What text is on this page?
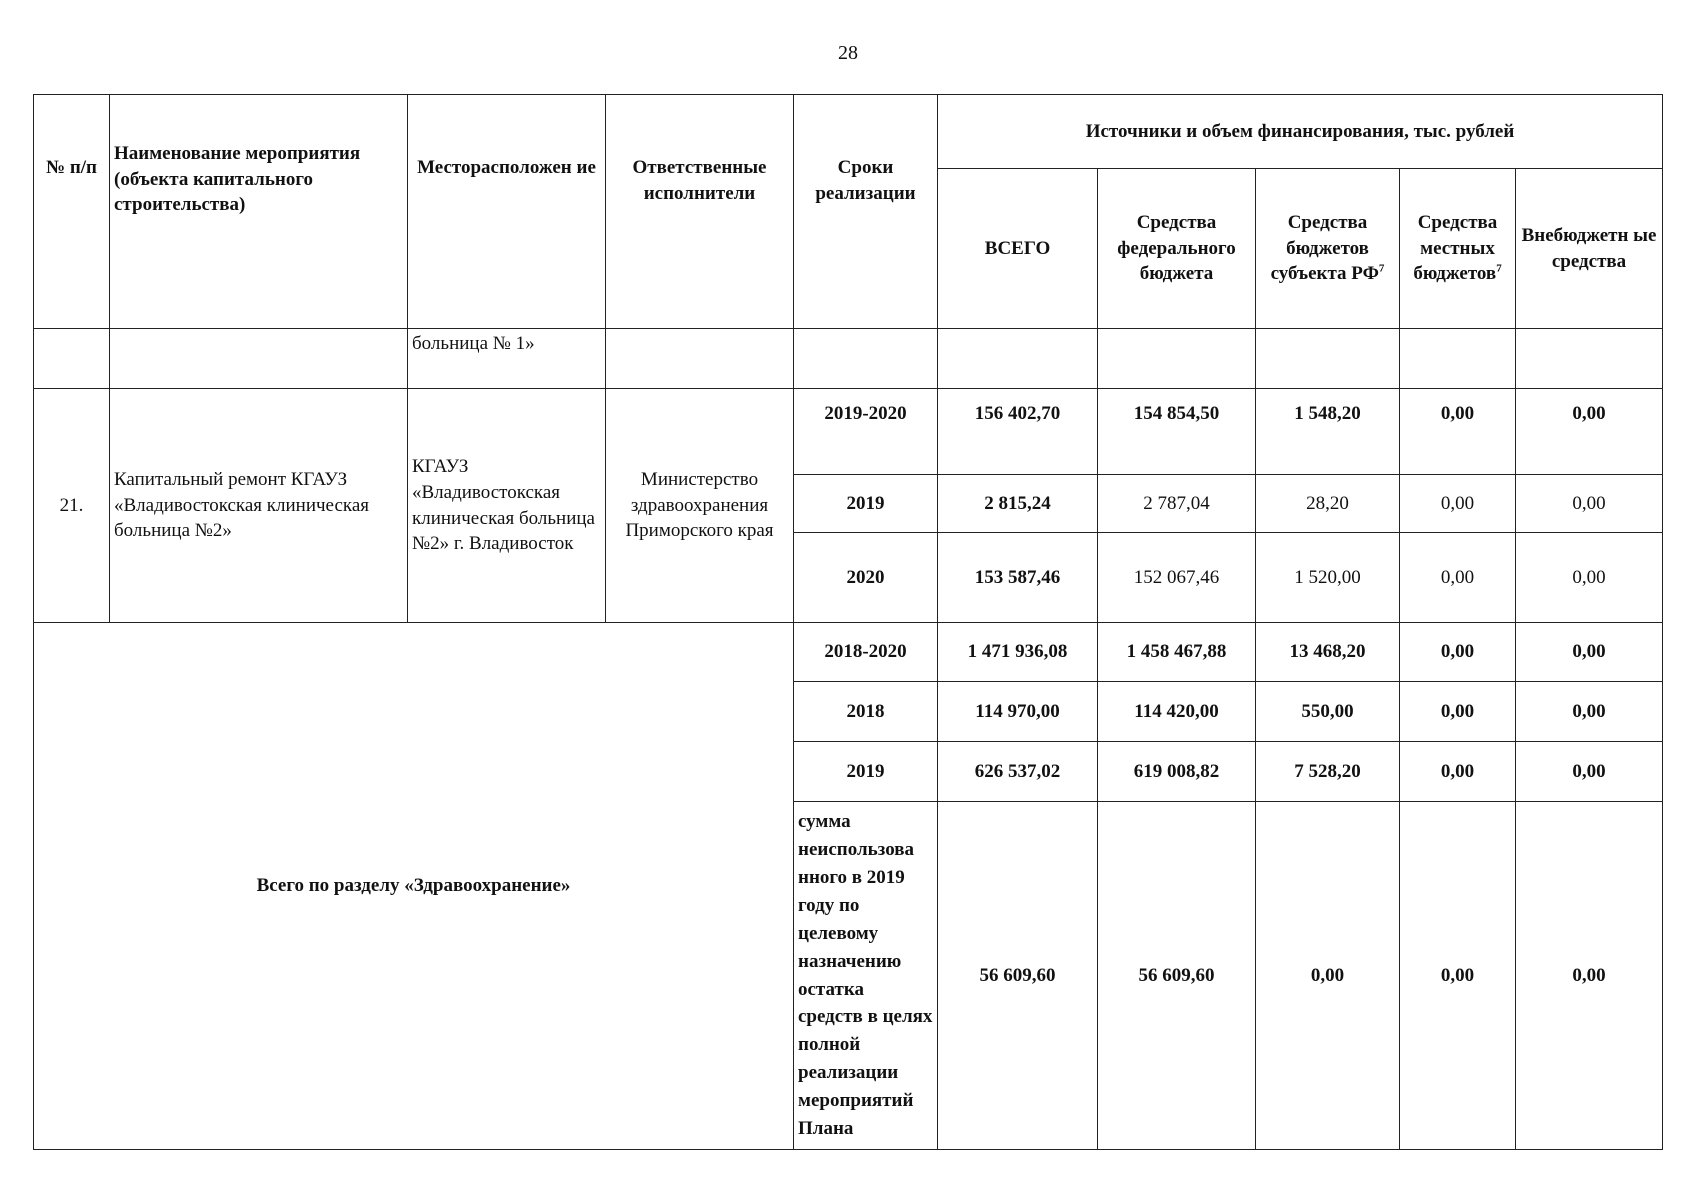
28
№ п/п	Наименование мероприятия (объекта капитального строительства)	Месторасположен ие	Ответственные исполнители	Сроки реализации	Источники и объем финансирования, тыс. рублей				
					ВСЕГО	Средства федерального бюджета	Средства бюджетов субъекта $РФ^7$	Средства местных бюджетов$^7$	Внебюджетн ые средства
		больница № 1»							
21.	Капитальный ремонт КГАУЗ «Владивостокская клиническая больница №2»	КГАУЗ «Владивостокская клиническая больница №2» г. Владивосток	Министерство здравоохранения Приморского края	2019-2020	156 402,70	154 854,50	1 548,20	0,00	0,00
				2019	2 815,24	2 787,04	28,20	0,00	0,00
				2020	153 587,46	152 067,46	1 520,00	0,00	0,00
Всего по разделу «Здравоохранение»				2018-2020	1 471 936,08	1 458 467,88	13 468,20	0,00	0,00
				2018	114 970,00	114 420,00	550,00	0,00	0,00
				2019	626 537,02	619 008,82	7 528,20	0,00	0,00
				сумма неиспользова нного в 2019 году по целевому назначению остатка средств в целях полной реализации мероприятий Плана	56 609,60	56 609,60	0,00	0,00	0,00
